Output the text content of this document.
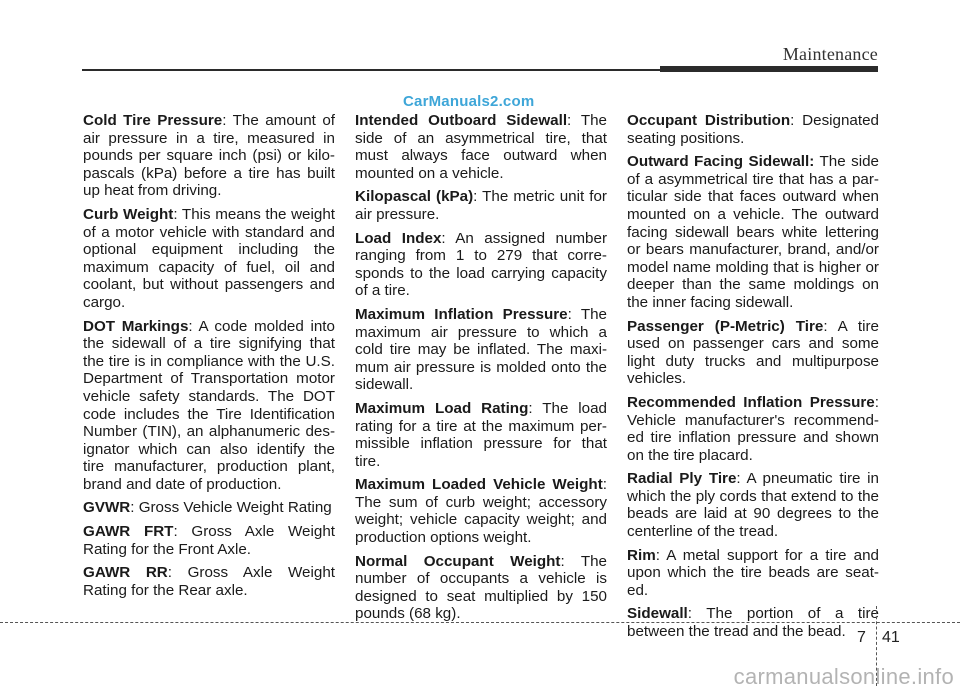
Maintenance
CarManuals2.com

Cold Tire Pressure: The amount of air pressure in a tire, measured in pounds per square inch (psi) or kilo-pascals (kPa) before a tire has built up heat from driving.

Curb Weight: This means the weight of a motor vehicle with standard and optional equipment including the maximum capacity of fuel, oil and coolant, but without passengers and cargo.

DOT Markings: A code molded into the sidewall of a tire signifying that the tire is in compliance with the U.S. Department of Transportation motor vehicle safety standards. The DOT code includes the Tire Identification Number (TIN), an alphanumeric des-ignator which can also identify the tire manufacturer, production plant, brand and date of production.

GVWR: Gross Vehicle Weight Rating

GAWR FRT: Gross Axle Weight Rating for the Front Axle.

GAWR RR: Gross Axle Weight Rating for the Rear axle.

Intended Outboard Sidewall: The side of an asymmetrical tire, that must always face outward when mounted on a vehicle.

Kilopascal (kPa): The metric unit for air pressure.

Load Index: An assigned number ranging from 1 to 279 that corre-sponds to the load carrying capacity of a tire.

Maximum Inflation Pressure: The maximum air pressure to which a cold tire may be inflated. The maxi-mum air pressure is molded onto the sidewall.

Maximum Load Rating: The load rating for a tire at the maximum per-missible inflation pressure for that tire.

Maximum Loaded Vehicle Weight: The sum of curb weight; accessory weight; vehicle capacity weight; and production options weight.

Normal Occupant Weight: The number of occupants a vehicle is designed to seat multiplied by 150 pounds (68 kg).

Occupant Distribution: Designated seating positions.

Outward Facing Sidewall: The side of a asymmetrical tire that has a par-ticular side that faces outward when mounted on a vehicle. The outward facing sidewall bears white lettering or bears manufacturer, brand, and/or model name molding that is higher or deeper than the same moldings on the inner facing sidewall.

Passenger (P-Metric) Tire: A tire used on passenger cars and some light duty trucks and multipurpose vehicles.

Recommended Inflation Pressure: Vehicle manufacturer's recommend-ed tire inflation pressure and shown on the tire placard.

Radial Ply Tire: A pneumatic tire in which the ply cords that extend to the beads are laid at 90 degrees to the centerline of the tread.

Rim: A metal support for a tire and upon which the tire beads are seat-ed.

Sidewall: The portion of a tire between the tread and the bead. 7 41
carmanualsonline.info
